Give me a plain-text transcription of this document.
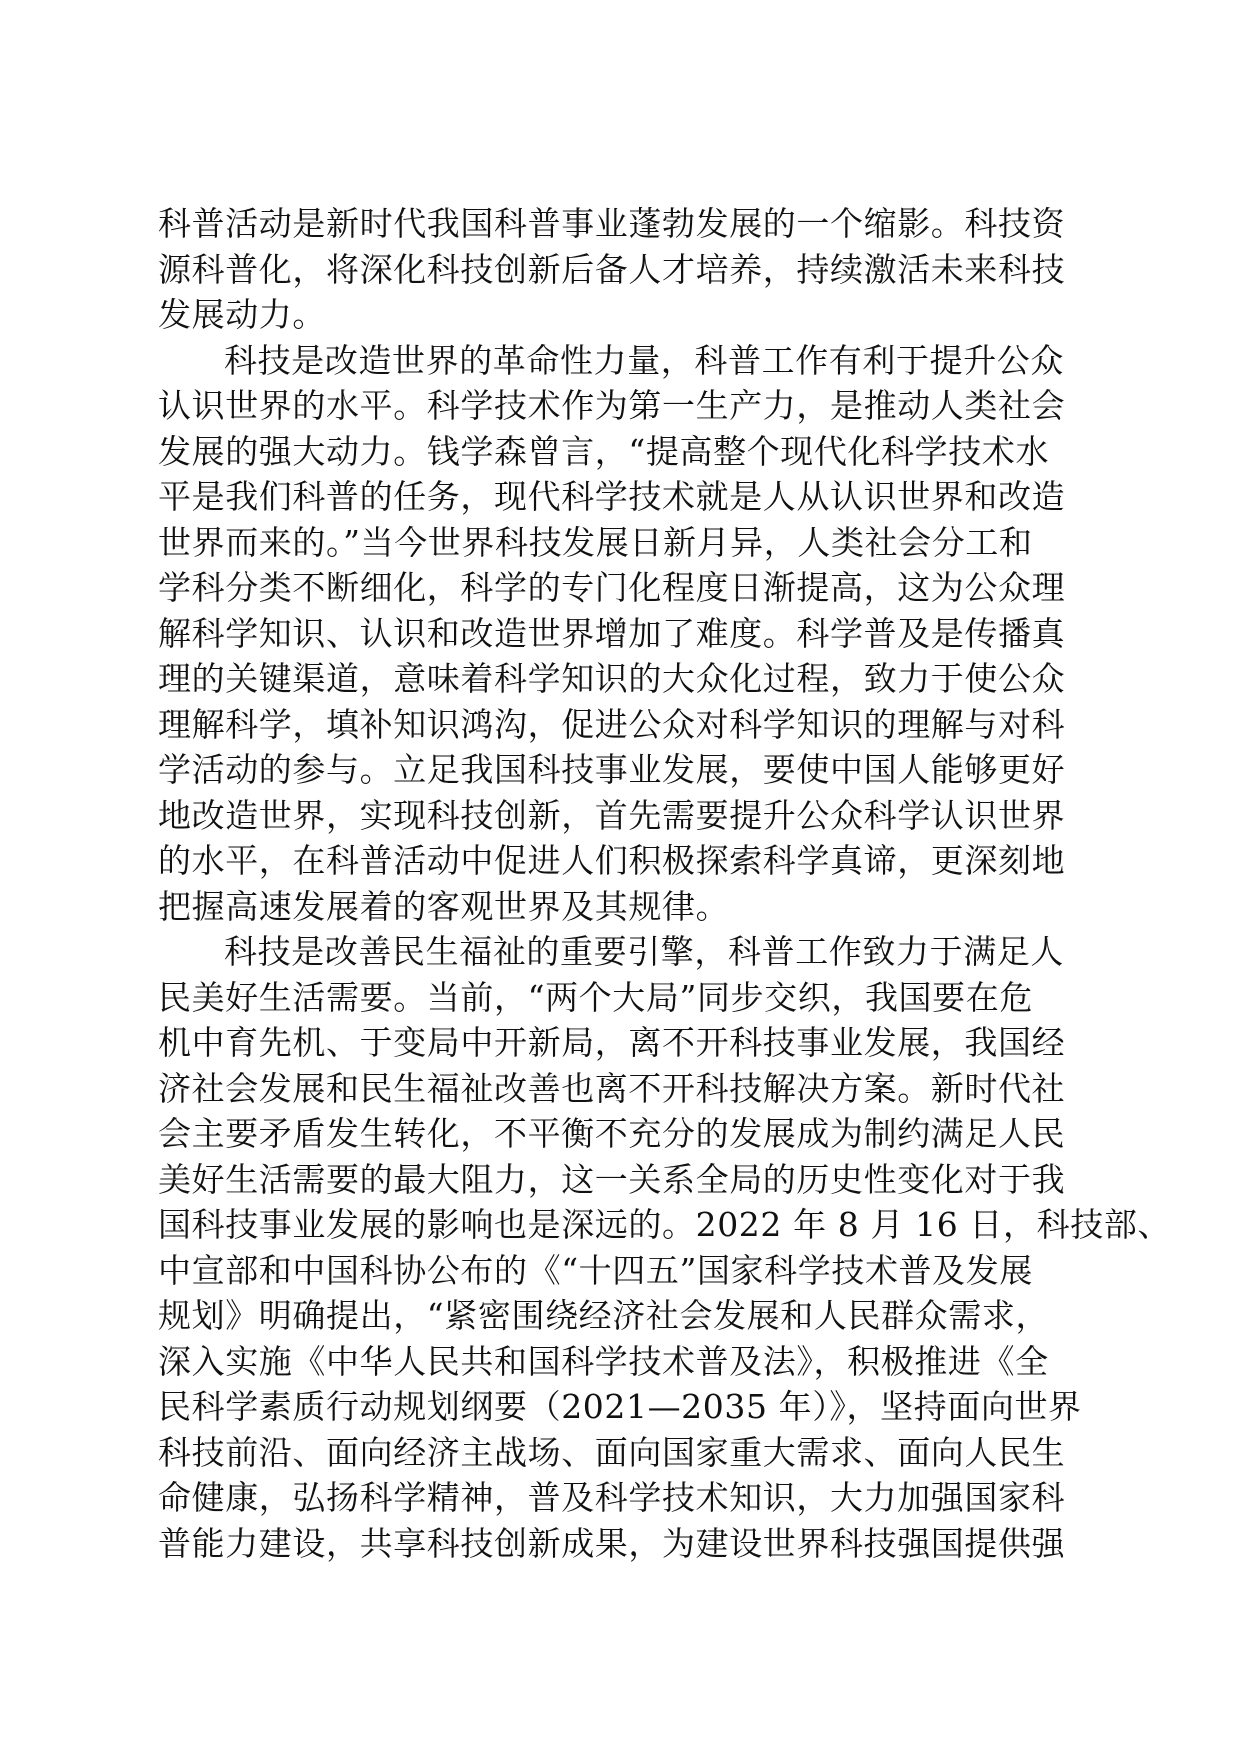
科普活动是新时代我国科普事业蓬勃发展的一个缩影。科技资
源科普化，将深化科技创新后备人才培养，持续激活未来科技
发展动力。
科技是改造世界的革命性力量，科普工作有利于提升公众
认识世界的水平。科学技术作为第一生产力，是推动人类社会
发展的强大动力。钱学森曾言，“提高整个现代化科学技术水
平是我们科普的任务，现代科学技术就是人从认识世界和改造
世界而来的。”当今世界科技发展日新月异，人类社会分工和
学科分类不断细化，科学的专门化程度日渐提高，这为公众理
解科学知识、认识和改造世界增加了难度。科学普及是传播真
理的关键渠道，意味着科学知识的大众化过程，致力于使公众
理解科学，填补知识鸿沟，促进公众对科学知识的理解与对科
学活动的参与。立足我国科技事业发展，要使中国人能够更好
地改造世界，实现科技创新，首先需要提升公众科学认识世界
的水平，在科普活动中促进人们积极探索科学真谛，更深刻地
把握高速发展着的客观世界及其规律。
科技是改善民生福祉的重要引擎，科普工作致力于满足人
民美好生活需要。当前，“两个大局”同步交织，我国要在危
机中育先机、于变局中开新局，离不开科技事业发展，我国经
济社会发展和民生福祉改善也离不开科技解决方案。新时代社
会主要矛盾发生转化，不平衡不充分的发展成为制约满足人民
美好生活需要的最大阻力，这一关系全局的历史性变化对于我
国科技事业发展的影响也是深远的。2022 年 8 月 16 日，科技部、
中宣部和中国科协公布的《“十四五”国家科学技术普及发展
规划》明确提出，“紧密围绕经济社会发展和人民群众需求，
深入实施《中华人民共和国科学技术普及法》，积极推进《全
民科学素质行动规划纲要（2021—2035 年）》，坚持面向世界
科技前沿、面向经济主战场、面向国家重大需求、面向人民生
命健康，弘扬科学精神，普及科学技术知识，大力加强国家科
普能力建设，共享科技创新成果，为建设世界科技强国提供强
